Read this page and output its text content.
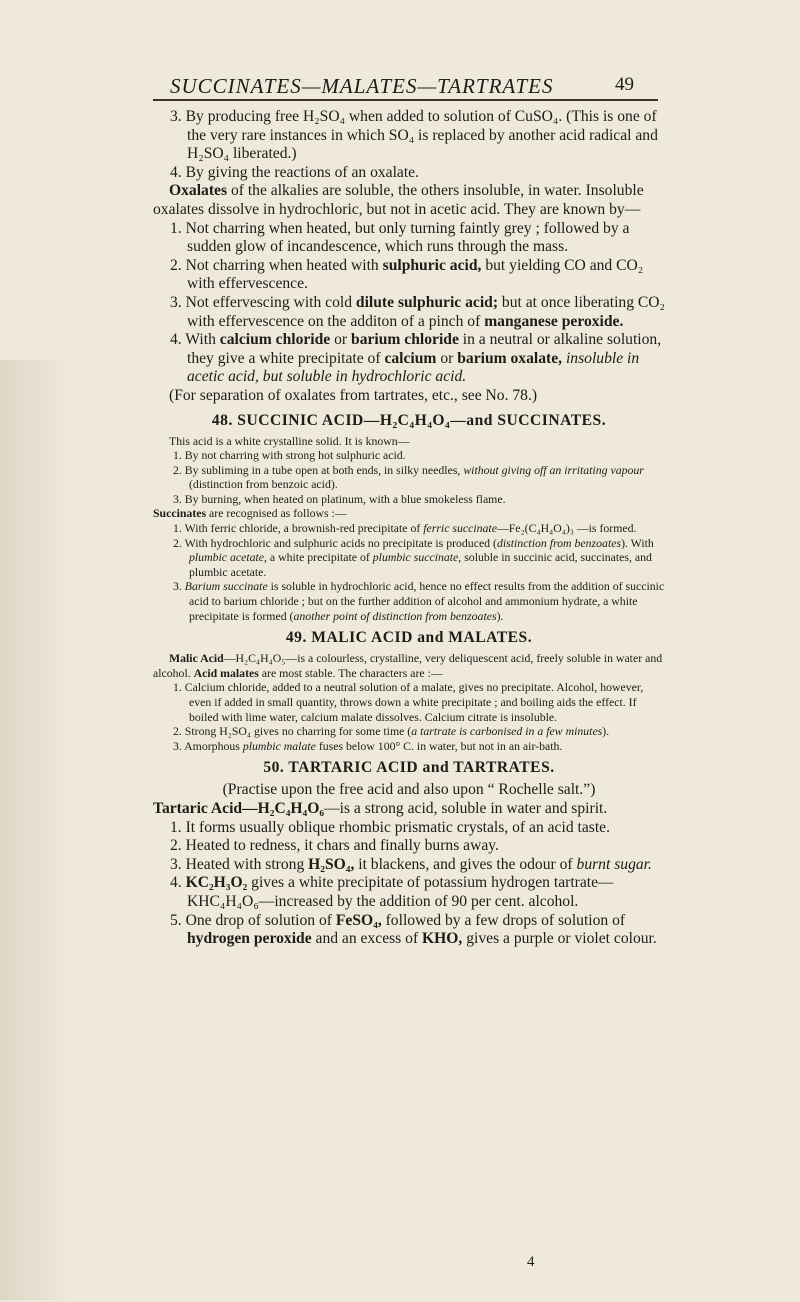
SUCCINATES—MALATES—TARTRATES	49

3. By producing free H₂SO₄ when added to solution of CuSO₄. (This is one of the very rare instances in which SO₄ is replaced by another acid radical and H₂SO₄ liberated.)

4. By giving the reactions of an oxalate.

Oxalates of the alkalies are soluble, the others insoluble, in water. Insoluble oxalates dissolve in hydrochloric, but not in acetic acid. They are known by—

1. Not charring when heated, but only turning faintly grey ; followed by a sudden glow of incandescence, which runs through the mass.

2. Not charring when heated with sulphuric acid, but yielding CO and CO₂ with effervescence.

3. Not effervescing with cold dilute sulphuric acid; but at once liberating CO₂ with effervescence on the additon of a pinch of manganese peroxide.

4. With calcium chloride or barium chloride in a neutral or alkaline solution, they give a white precipitate of calcium or barium oxalate, insoluble in acetic acid, but soluble in hydrochloric acid.

(For separation of oxalates from tartrates, etc., see No. 78.)

48. SUCCINIC ACID—H₂C₄H₄O₄—and SUCCINATES.

This acid is a white crystalline solid. It is known—

1. By not charring with strong hot sulphuric acid.

2. By subliming in a tube open at both ends, in silky needles, without giving off an irritating vapour (distinction from benzoic acid).

3. By burning, when heated on platinum, with a blue smokeless flame.

Succinates are recognised as follows :—

1. With ferric chloride, a brownish-red precipitate of ferric succinate—Fe₂(C₄H₄O₄)₃ —is formed.

2. With hydrochloric and sulphuric acids no precipitate is produced (distinction from benzoates). With plumbic acetate, a white precipitate of plumbic succinate, soluble in succinic acid, succinates, and plumbic acetate.

3. Barium succinate is soluble in hydrochloric acid, hence no effect results from the addition of succinic acid to barium chloride ; but on the further addition of alcohol and ammonium hydrate, a white precipitate is formed (another point of distinction from benzoates).

49. MALIC ACID and MALATES.

Malic Acid—H₂C₄H₄O₅—is a colourless, crystalline, very deliquescent acid, freely soluble in water and alcohol. Acid malates are most stable. The characters are :—

1. Calcium chloride, added to a neutral solution of a malate, gives no precipitate. Alcohol, however, even if added in small quantity, throws down a white precipitate ; and boiling aids the effect. If boiled with lime water, calcium malate dissolves. Calcium citrate is insoluble.

2. Strong H₂SO₄ gives no charring for some time (a tartrate is carbonised in a few minutes).

3. Amorphous plumbic malate fuses below 100° C. in water, but not in an air-bath.

50. TARTARIC ACID and TARTRATES.

(Practise upon the free acid and also upon “ Rochelle salt.”)

Tartaric Acid—H₂C₄H₄O₆—is a strong acid, soluble in water and spirit.

1. It forms usually oblique rhombic prismatic crystals, of an acid taste.

2. Heated to redness, it chars and finally burns away.

3. Heated with strong H₂SO₄, it blackens, and gives the odour of burnt sugar.

4. KC₂H₃O₂ gives a white precipitate of potassium hydrogen tartrate— KHC₄H₄O₆—increased by the addition of 90 per cent. alcohol.

5. One drop of solution of FeSO₄, followed by a few drops of solution of hydrogen peroxide and an excess of KHO, gives a purple or violet colour.

4
